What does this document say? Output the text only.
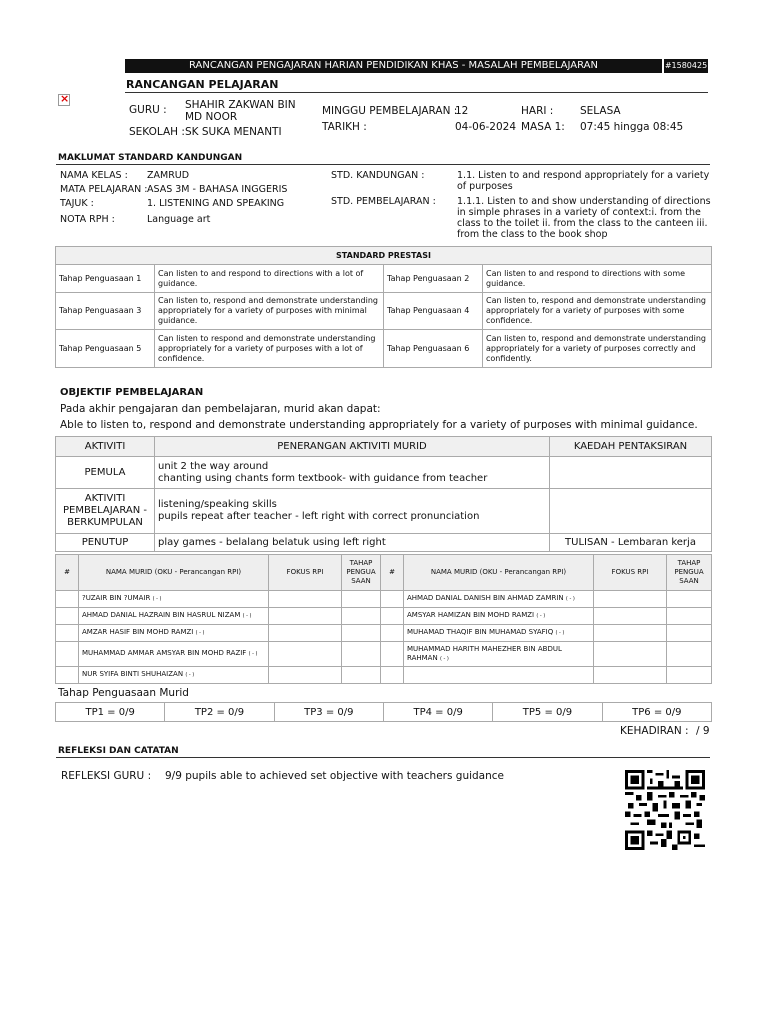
RANCANGAN PENGAJARAN HARIAN PENDIDIKAN KHAS - MASALAH PEMBELAJARAN	#1580425
RANCANGAN PELAJARAN
×
GURU : SHAHIR ZAKWAN BIN MD NOOR
SEKOLAH : SK SUKA MENANTI
MINGGU PEMBELAJARAN :
12
TARIKH :	04-06-2024
HARI :	SELASA
MASA 1: 07:45 hingga 08:45
MAKLUMAT STANDARD KANDUNGAN
NAMA KELAS : ZAMRUD
MATA PELAJARAN : ASAS 3M - BAHASA INGGERIS
TAJUK :	1. LISTENING AND SPEAKING
NOTA RPH :	Language art
STD. KANDUNGAN :	1.1. Listen to and respond appropriately for a variety of purposes
STD. PEMBELAJARAN : 1.1.1. Listen to and show understanding of directions in simple phrases in a variety of context:i. from the class to the toilet ii. from the class to the canteen iii. from the class to the book shop
STANDARD PRESTASI			
Tahap Penguasaan 1	Can listen to and respond to directions with a lot of guidance.	Tahap Penguasaan 2	Can listen to and respond to directions with some guidance.
Tahap Penguasaan 3	Can listen to, respond and demonstrate understanding appropriately for a variety of purposes with minimal guidance.	Tahap Penguasaan 4	Can listen to, respond and demonstrate understanding appropriately for a variety of purposes with some confidence.
Tahap Penguasaan 5	Can listen to respond and demonstrate understanding appropriately for a variety of purposes with a lot of confidence.	Tahap Penguasaan 6	Can listen to, respond and demonstrate understanding appropriately for a variety of purposes correctly and confidently.
OBJEKTIF PEMBELAJARAN
Pada akhir pengajaran dan pembelajaran, murid akan dapat:
Able to listen to, respond and demonstrate understanding appropriately for a variety of purposes with minimal guidance.
AKTIVITI	PENERANGAN AKTIVITI MURID	KAEDAH PENTAKSIRAN
PEMULA	unit 2 the way around
chanting using chants form textbook- with guidance from teacher	

AKTIVITI PEMBELAJARAN - BERKUMPULAN	listening/speaking skills
pupils repeat after teacher - left right with correct pronunciation	

PENUTUP	play games - belalang belatuk using left right	TULISAN - Lembaran kerja
#	NAMA MURID (OKU - Perancangan RPI)	FOKUS RPI	TAHAP PENGUA SAAN	#	NAMA MURID (OKU - Perancangan RPI)	FOKUS RPI	TAHAP PENGUA SAAN
	?UZAIR BIN ?UMAIR ( - )				AHMAD DANIAL DANISH BIN AHMAD ZAMRIN ( - )		
	AHMAD DANIAL HAZRAIN BIN HASRUL NIZAM ( - )				AMSYAR HAMIZAN BIN MOHD RAMZI ( - )		
	AMZAR HASIF BIN MOHD RAMZI ( - )				MUHAMAD THAQIF BIN MUHAMAD SYAFIQ ( - )		
	MUHAMMAD AMMAR AMSYAR BIN MOHD RAZIF ( - )				MUHAMMAD HARITH MAHEZHER BIN ABDUL RAHMAN ( - )		
	NUR SYIFA BINTI SHUHAIZAN ( - )						
Tahap Penguasaan Murid
TP1 = 0/9	TP2 = 0/9	TP3 = 0/9	TP4 = 0/9	TP5 = 0/9	TP6 = 0/9
KEHADIRAN : / 9
REFLEKSI DAN CATATAN
REFLEKSI GURU : 9/9 pupils able to achieved set objective with teachers guidance
